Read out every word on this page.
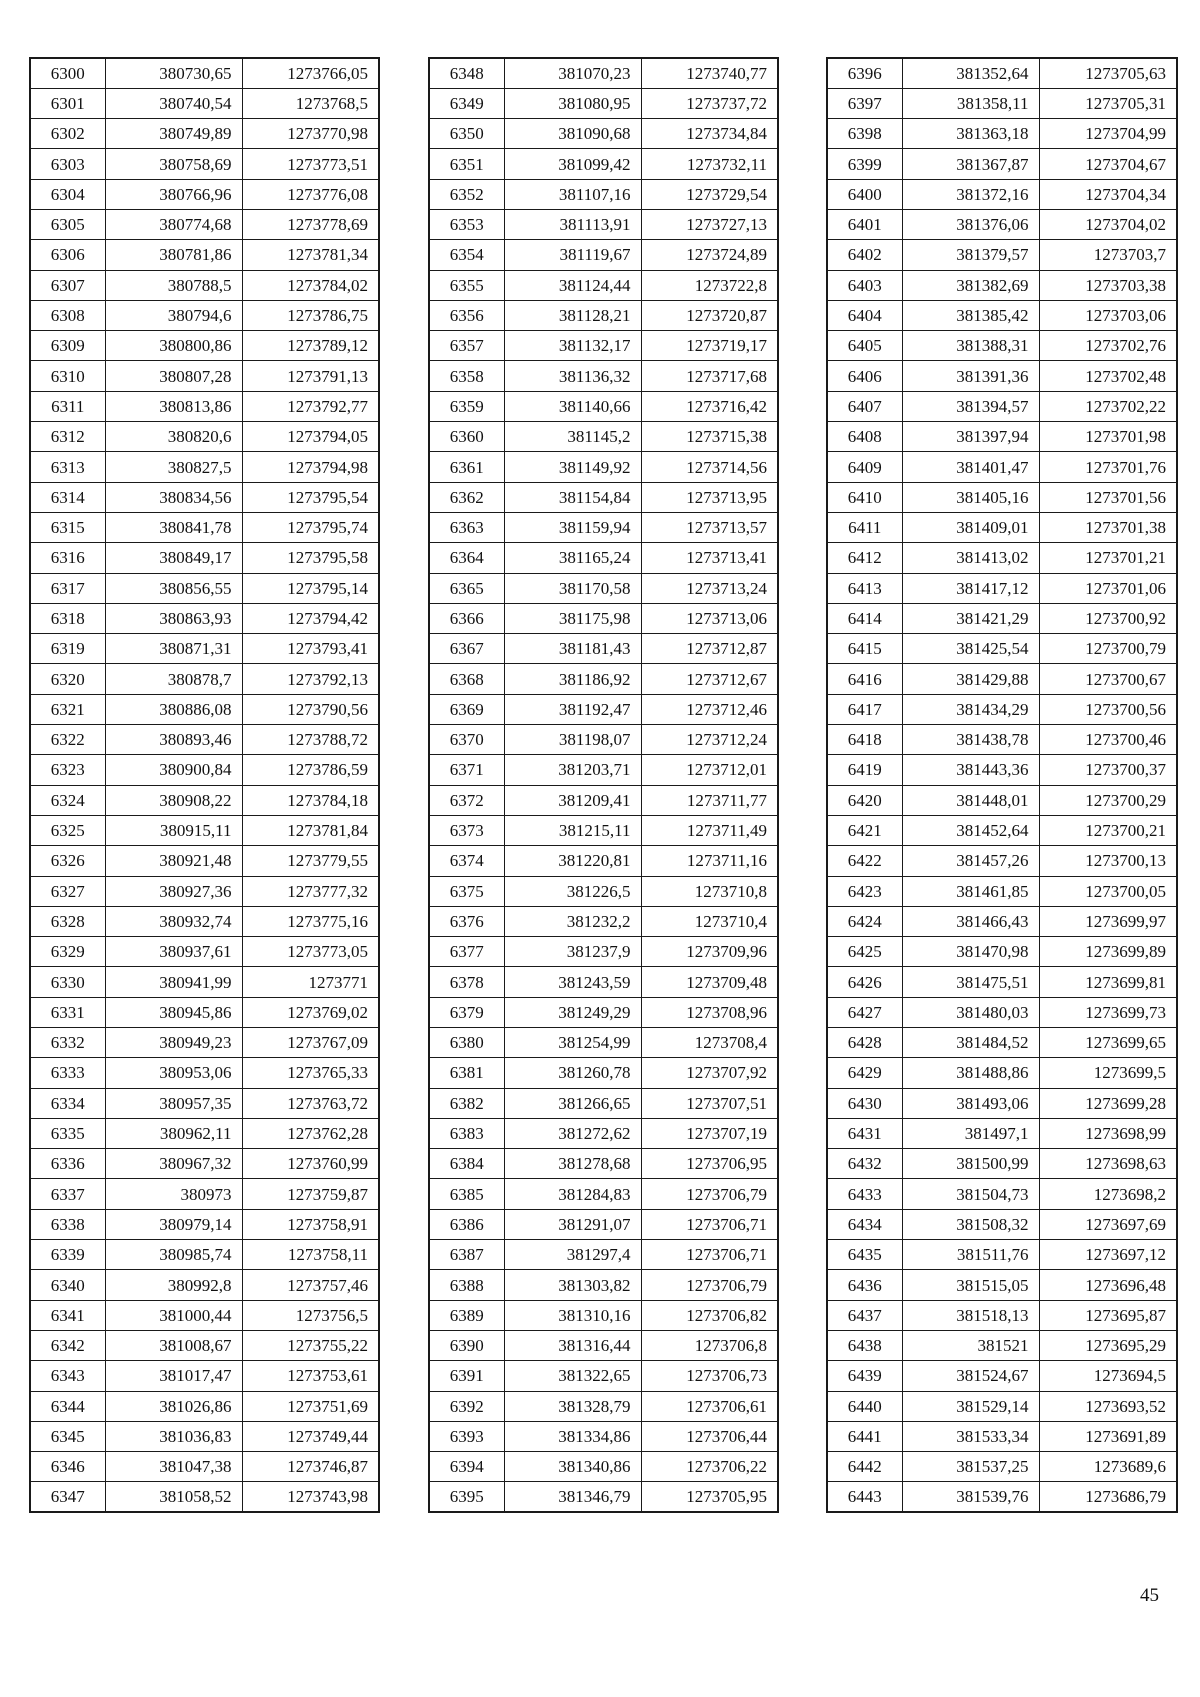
6300	380730,65	1273766,05
6301	380740,54	1273768,5
6302	380749,89	1273770,98
6303	380758,69	1273773,51
6304	380766,96	1273776,08
6305	380774,68	1273778,69
6306	380781,86	1273781,34
6307	380788,5	1273784,02
6308	380794,6	1273786,75
6309	380800,86	1273789,12
6310	380807,28	1273791,13
6311	380813,86	1273792,77
6312	380820,6	1273794,05
6313	380827,5	1273794,98
6314	380834,56	1273795,54
6315	380841,78	1273795,74
6316	380849,17	1273795,58
6317	380856,55	1273795,14
6318	380863,93	1273794,42
6319	380871,31	1273793,41
6320	380878,7	1273792,13
6321	380886,08	1273790,56
6322	380893,46	1273788,72
6323	380900,84	1273786,59
6324	380908,22	1273784,18
6325	380915,11	1273781,84
6326	380921,48	1273779,55
6327	380927,36	1273777,32
6328	380932,74	1273775,16
6329	380937,61	1273773,05
6330	380941,99	1273771
6331	380945,86	1273769,02
6332	380949,23	1273767,09
6333	380953,06	1273765,33
6334	380957,35	1273763,72
6335	380962,11	1273762,28
6336	380967,32	1273760,99
6337	380973	1273759,87
6338	380979,14	1273758,91
6339	380985,74	1273758,11
6340	380992,8	1273757,46
6341	381000,44	1273756,5
6342	381008,67	1273755,22
6343	381017,47	1273753,61
6344	381026,86	1273751,69
6345	381036,83	1273749,44
6346	381047,38	1273746,87
6347	381058,52	1273743,98
6348	381070,23	1273740,77
6349	381080,95	1273737,72
6350	381090,68	1273734,84
6351	381099,42	1273732,11
6352	381107,16	1273729,54
6353	381113,91	1273727,13
6354	381119,67	1273724,89
6355	381124,44	1273722,8
6356	381128,21	1273720,87
6357	381132,17	1273719,17
6358	381136,32	1273717,68
6359	381140,66	1273716,42
6360	381145,2	1273715,38
6361	381149,92	1273714,56
6362	381154,84	1273713,95
6363	381159,94	1273713,57
6364	381165,24	1273713,41
6365	381170,58	1273713,24
6366	381175,98	1273713,06
6367	381181,43	1273712,87
6368	381186,92	1273712,67
6369	381192,47	1273712,46
6370	381198,07	1273712,24
6371	381203,71	1273712,01
6372	381209,41	1273711,77
6373	381215,11	1273711,49
6374	381220,81	1273711,16
6375	381226,5	1273710,8
6376	381232,2	1273710,4
6377	381237,9	1273709,96
6378	381243,59	1273709,48
6379	381249,29	1273708,96
6380	381254,99	1273708,4
6381	381260,78	1273707,92
6382	381266,65	1273707,51
6383	381272,62	1273707,19
6384	381278,68	1273706,95
6385	381284,83	1273706,79
6386	381291,07	1273706,71
6387	381297,4	1273706,71
6388	381303,82	1273706,79
6389	381310,16	1273706,82
6390	381316,44	1273706,8
6391	381322,65	1273706,73
6392	381328,79	1273706,61
6393	381334,86	1273706,44
6394	381340,86	1273706,22
6395	381346,79	1273705,95
6396	381352,64	1273705,63
6397	381358,11	1273705,31
6398	381363,18	1273704,99
6399	381367,87	1273704,67
6400	381372,16	1273704,34
6401	381376,06	1273704,02
6402	381379,57	1273703,7
6403	381382,69	1273703,38
6404	381385,42	1273703,06
6405	381388,31	1273702,76
6406	381391,36	1273702,48
6407	381394,57	1273702,22
6408	381397,94	1273701,98
6409	381401,47	1273701,76
6410	381405,16	1273701,56
6411	381409,01	1273701,38
6412	381413,02	1273701,21
6413	381417,12	1273701,06
6414	381421,29	1273700,92
6415	381425,54	1273700,79
6416	381429,88	1273700,67
6417	381434,29	1273700,56
6418	381438,78	1273700,46
6419	381443,36	1273700,37
6420	381448,01	1273700,29
6421	381452,64	1273700,21
6422	381457,26	1273700,13
6423	381461,85	1273700,05
6424	381466,43	1273699,97
6425	381470,98	1273699,89
6426	381475,51	1273699,81
6427	381480,03	1273699,73
6428	381484,52	1273699,65
6429	381488,86	1273699,5
6430	381493,06	1273699,28
6431	381497,1	1273698,99
6432	381500,99	1273698,63
6433	381504,73	1273698,2
6434	381508,32	1273697,69
6435	381511,76	1273697,12
6436	381515,05	1273696,48
6437	381518,13	1273695,87
6438	381521	1273695,29
6439	381524,67	1273694,5
6440	381529,14	1273693,52
6441	381533,34	1273691,89
6442	381537,25	1273689,6
6443	381539,76	1273686,79
45
